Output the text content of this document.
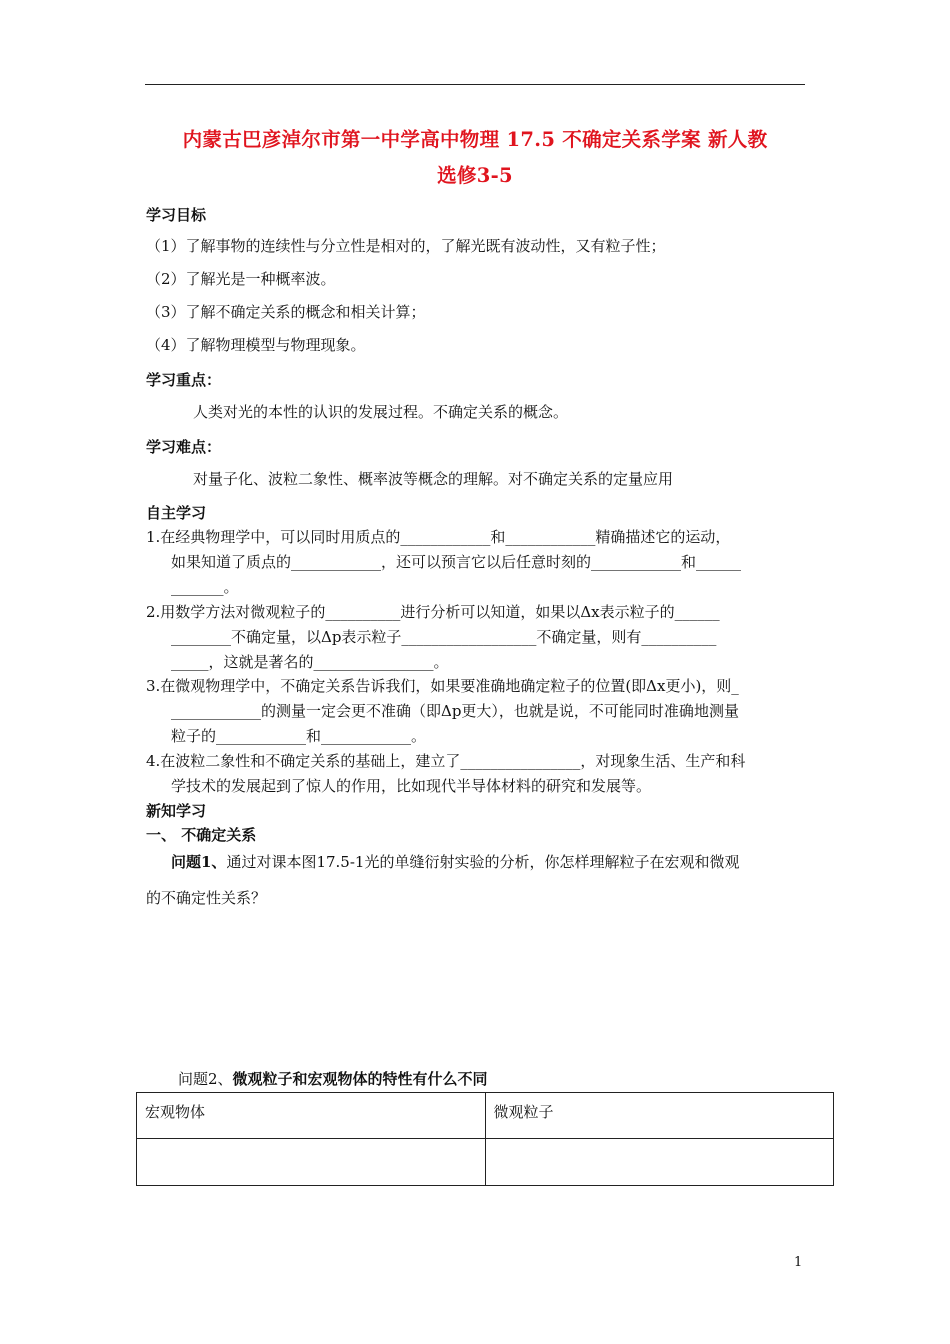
内蒙古巴彦淖尔市第一中学高中物理 17.5 不确定关系学案 新人教
选修3-5
学习目标
（1）了解事物的连续性与分立性是相对的，了解光既有波动性，又有粒子性；
（2）了解光是一种概率波。
（3）了解不确定关系的概念和相关计算；
（4）了解物理模型与物理现象。
学习重点：
人类对光的本性的认识的发展过程。不确定关系的概念。
学习难点：
对量子化、波粒二象性、概率波等概念的理解。对不确定关系的定量应用
自主学习
1.在经典物理学中，可以同时用质点的____________和____________精确描述它的运动，
如果知道了质点的____________，还可以预言它以后任意时刻的____________和______
_______。
2.用数学方法对微观粒子的__________进行分析可以知道，如果以Δx表示粒子的______
________不确定量，以Δp表示粒子__________________不确定量，则有__________
_____，这就是著名的________________。
3.在微观物理学中，不确定关系告诉我们，如果要准确地确定粒子的位置(即Δx更小)，则_
____________的测量一定会更不准确（即Δp更大），也就是说，不可能同时准确地测量
粒子的____________和____________。
4.在波粒二象性和不确定关系的基础上，建立了________________，对现象生活、生产和科
学技术的发展起到了惊人的作用，比如现代半导体材料的研究和发展等。
新知学习
一、 不确定关系
问题1、通过对课本图17.5-1光的单缝衍射实验的分析，你怎样理解粒子在宏观和微观
的不确定性关系？
问题2、微观粒子和宏观物体的特性有什么不同
宏观物体	微观粒子

1
